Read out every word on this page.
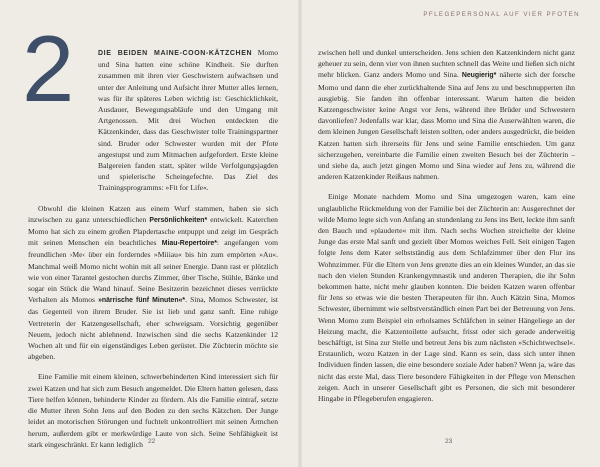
2	DIE BEIDEN MAINE-COON-KÄTZCHEN Momo und Sina hatten eine schöne Kindheit. Sie durften zusammen mit ihren vier Geschwistern aufwachsen und unter der Anleitung und Aufsicht ihrer Mutter alles lernen, was für ihr späteres Leben wichtig ist: Geschicklichkeit, Ausdauer, Bewegungsabläufe und den Umgang mit Artgenossen. Mit drei Wochen entdeckten die Kätzenkinder, dass das Geschwister tolle Trainingspartner sind. Bruder oder Schwester wurden mit der Pfote angestupst und zum Mitmachen aufgefordert. Erste kleine Balgereien fanden statt, später wilde Verfolgungsjagden und spielerische Scheingefechte. Das Ziel des Trainingsprogramms: »Fit for Life«.

Obwohl die kleinen Katzen aus einem Wurf stammen, haben sie sich inzwischen zu ganz unterschiedlichen Persönlichkeiten* entwickelt. Katerchen Momo hat sich zu einem großen Plapdertasche entpuppt und zeigt im Gespräch mit seinen Menschen ein beachtliches Miau-Repertoire*: angefangen vom freundlichen ›Me‹ über ein forderndes »Miiiau« bis hin zum empörten »Au«. Manchmal weiß Momo nicht wohin mit all seiner Energie. Dann rast er plötzlich wie von einer Tarantel gestochen durchs Zimmer, über Tische, Stühle, Bänke und sogar ein Stück die Wand hinauf. Seine Besitzerin bezeichnet dieses verrückte Verhalten als Momos »närrische fünf Minuten«*. Sina, Momos Schwester, ist das Gegenteil von ihrem Bruder. Sie ist lieb und ganz sanft. Eine ruhige Vertreterin der Katzengesellschaft, eher schweigsam. Vorsichtig gegenüber Neuem, jedoch nicht ablehnend. Inzwischen sind die sechs Katzenkinder 12 Wochen alt und für ein eigenständiges Leben gerüstet. Die Züchterin möchte sie abgeben.

Eine Familie mit einem kleinen, schwerbehinderten Kind interessiert sich für zwei Katzen und hat sich zum Besuch angemeldet. Die Eltern hatten gelesen, dass Tiere helfen können, behinderte Kinder zu fördern. Als die Familie eintraf, setzte die Mutter ihren Sohn Jens auf den Boden zu den sechs Kätzchen. Der Junge leidet an motorischen Störungen und fuchtelt unkontrolliert mit seinen Ärmchen herum, außerdem gibt er merkwürdige Laute von sich. Seine Sehfähigkeit ist stark eingeschränkt. Er kann lediglich 22
PFLEGEPERSONAL AUF VIER PFOTEN

zwischen hell und dunkel unterscheiden. Jens schien den Katzenkindern nicht ganz geheuer zu sein, denn vier von ihnen suchten schnell das Weite und ließen sich nicht mehr blicken. Ganz anders Momo und Sina. Neugierig* näherte sich der forsche Momo und dann die eher zurückhaltende Sina auf Jens zu und beschnupperten ihn ausgiebig. Sie fanden ihn offenbar interessant. Warum hatten die beiden Katzengeschwister keine Angst vor Jens, während ihre Brüder und Schwestern davonliefen? Jedenfalls war klar, dass Momo und Sina die Auserwählten waren, die dem kleinen Jungen Gesellschaft leisten sollten, oder anders ausgedrückt, die beiden Katzen hatten sich ihrerseits für Jens und seine Familie entschieden. Um ganz sicherzugehen, vereinbarte die Familie einen zweiten Besuch bei der Züchterin – und siehe da, auch jetzt gingen Momo und Sina wieder auf Jens zu, während die anderen Katzenkinder Reißaus nahmen.

Einige Monate nachdem Momo und Sina umgezogen waren, kam eine unglaubliche Rückmeldung von der Familie bei der Züchterin an: Ausgerechnet der wilde Momo legte sich von Anfang an stundenlang zu Jens ins Bett, leckte ihm sanft den Bauch und »plauderte« mit ihm. Nach sechs Wochen streichelte der kleine Junge das erste Mal sanft und gezielt über Momos weiches Fell. Seit einigen Tagen folgte Jens dem Kater selbstständig aus dem Schlafzimmer über den Flur ins Wohnzimmer. Für die Eltern von Jens grenzte dies an ein kleines Wunder, an das sie nach den vielen Stunden Krankengymnastik und anderen Therapien, die ihr Sohn bekommen hatte, nicht mehr glauben konnten. Die beiden Katzen waren offenbar für Jens so etwas wie die besten Therapeuten für ihn. Auch Kätzin Sina, Momos Schwester, übernimmt wie selbstverständlich einen Part bei der Betreuung von Jens. Wenn Momo zum Beispiel ein erholsames Schläfchen in seiner Hängeliege an der Heizung macht, die Katzentoilette aufsucht, frisst oder sich gerade anderweitig beschäftigt, ist Sina zur Stelle und betreut Jens bis zum nächsten »Schichtwechsel«. Erstaunlich, wozu Katzen in der Lage sind. Kann es sein, dass sich unter ihnen Individuen finden lassen, die eine besondere soziale Ader haben? Wenn ja, wäre das nicht das erste Mal, dass Tiere besondere Fähigkeiten in der Pflege von Menschen zeigen. Auch in unserer Gesellschaft gibt es Personen, die sich mit besonderer Hingabe in Pflegeberufen engagieren.

23
